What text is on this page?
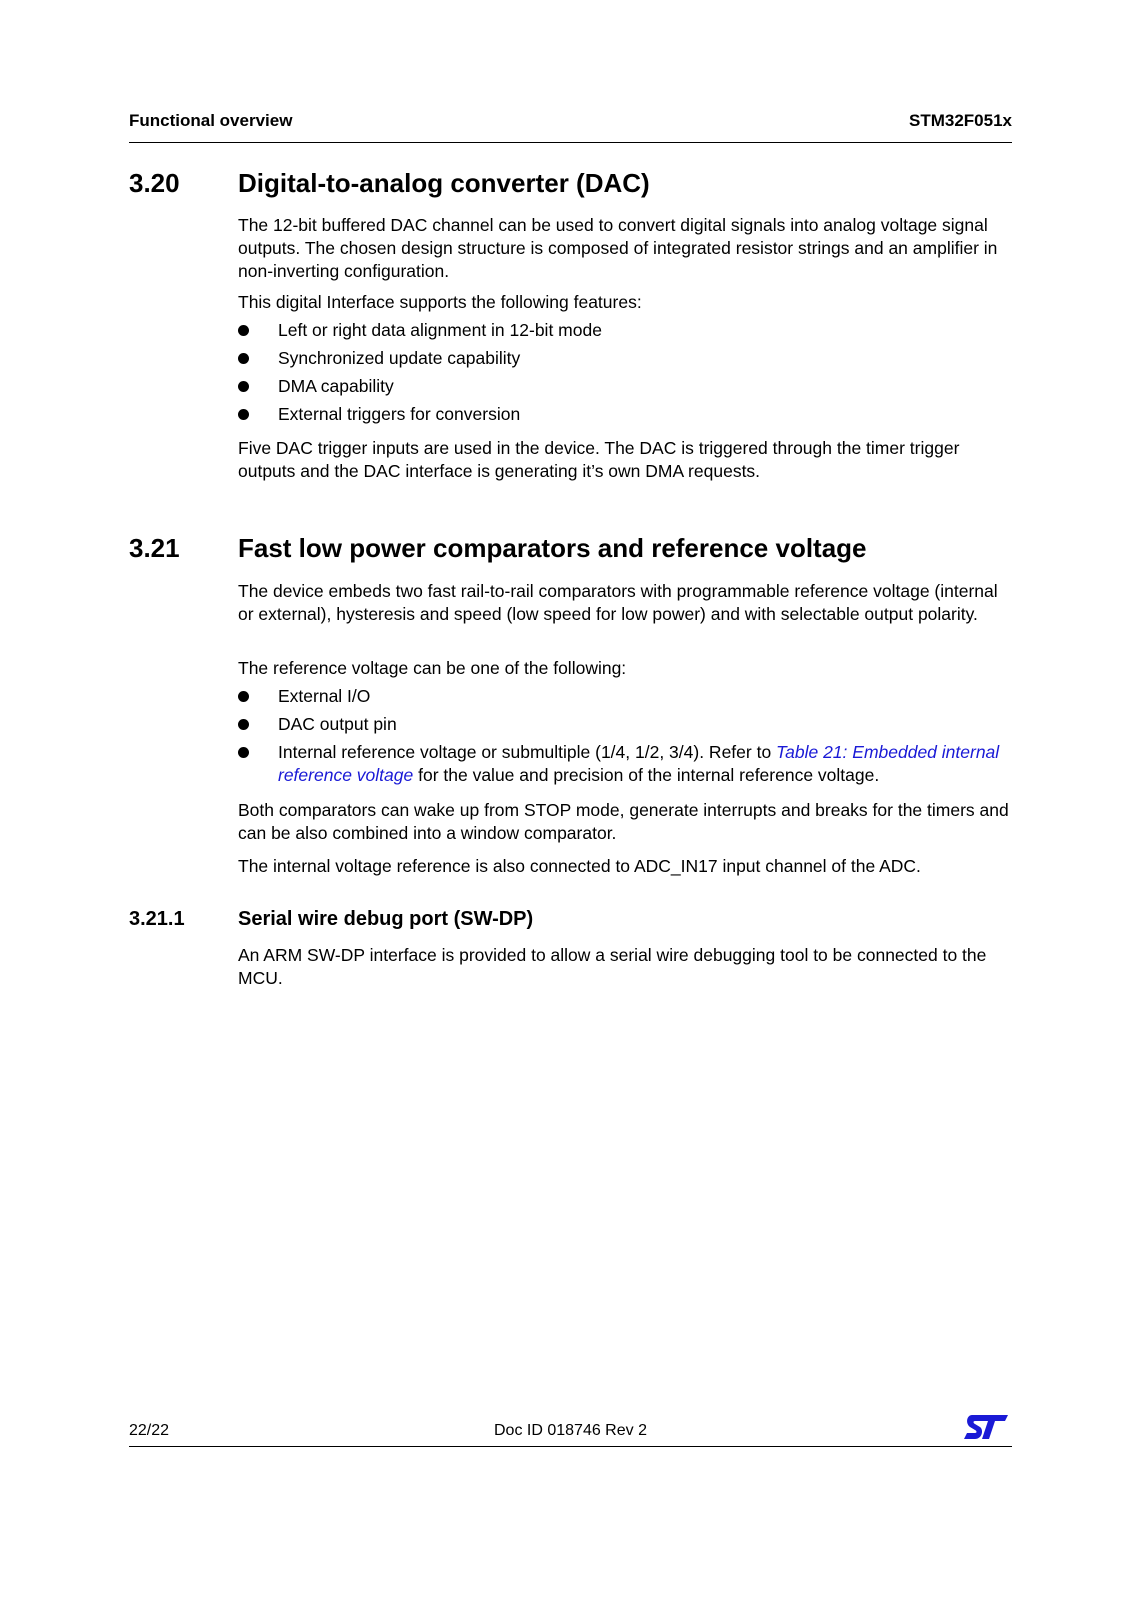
Functional overview	STM32F051x
3.20 Digital-to-analog converter (DAC)
The 12-bit buffered DAC channel can be used to convert digital signals into analog voltage signal outputs. The chosen design structure is composed of integrated resistor strings and an amplifier in non-inverting configuration.
This digital Interface supports the following features:
Left or right data alignment in 12-bit mode
Synchronized update capability
DMA capability
External triggers for conversion
Five DAC trigger inputs are used in the device. The DAC is triggered through the timer trigger outputs and the DAC interface is generating it’s own DMA requests.
3.21 Fast low power comparators and reference voltage
The device embeds two fast rail-to-rail comparators with programmable reference voltage (internal or external), hysteresis and speed (low speed for low power) and with selectable output polarity.
The reference voltage can be one of the following:
External I/O
DAC output pin
Internal reference voltage or submultiple (1/4, 1/2, 3/4). Refer to Table 21: Embedded internal reference voltage for the value and precision of the internal reference voltage.
Both comparators can wake up from STOP mode, generate interrupts and breaks for the timers and can be also combined into a window comparator.
The internal voltage reference is also connected to ADC_IN17 input channel of the ADC.
3.21.1	Serial wire debug port (SW-DP)
An ARM SW-DP interface is provided to allow a serial wire debugging tool to be connected to the MCU.
22/22	Doc ID 018746 Rev 2
